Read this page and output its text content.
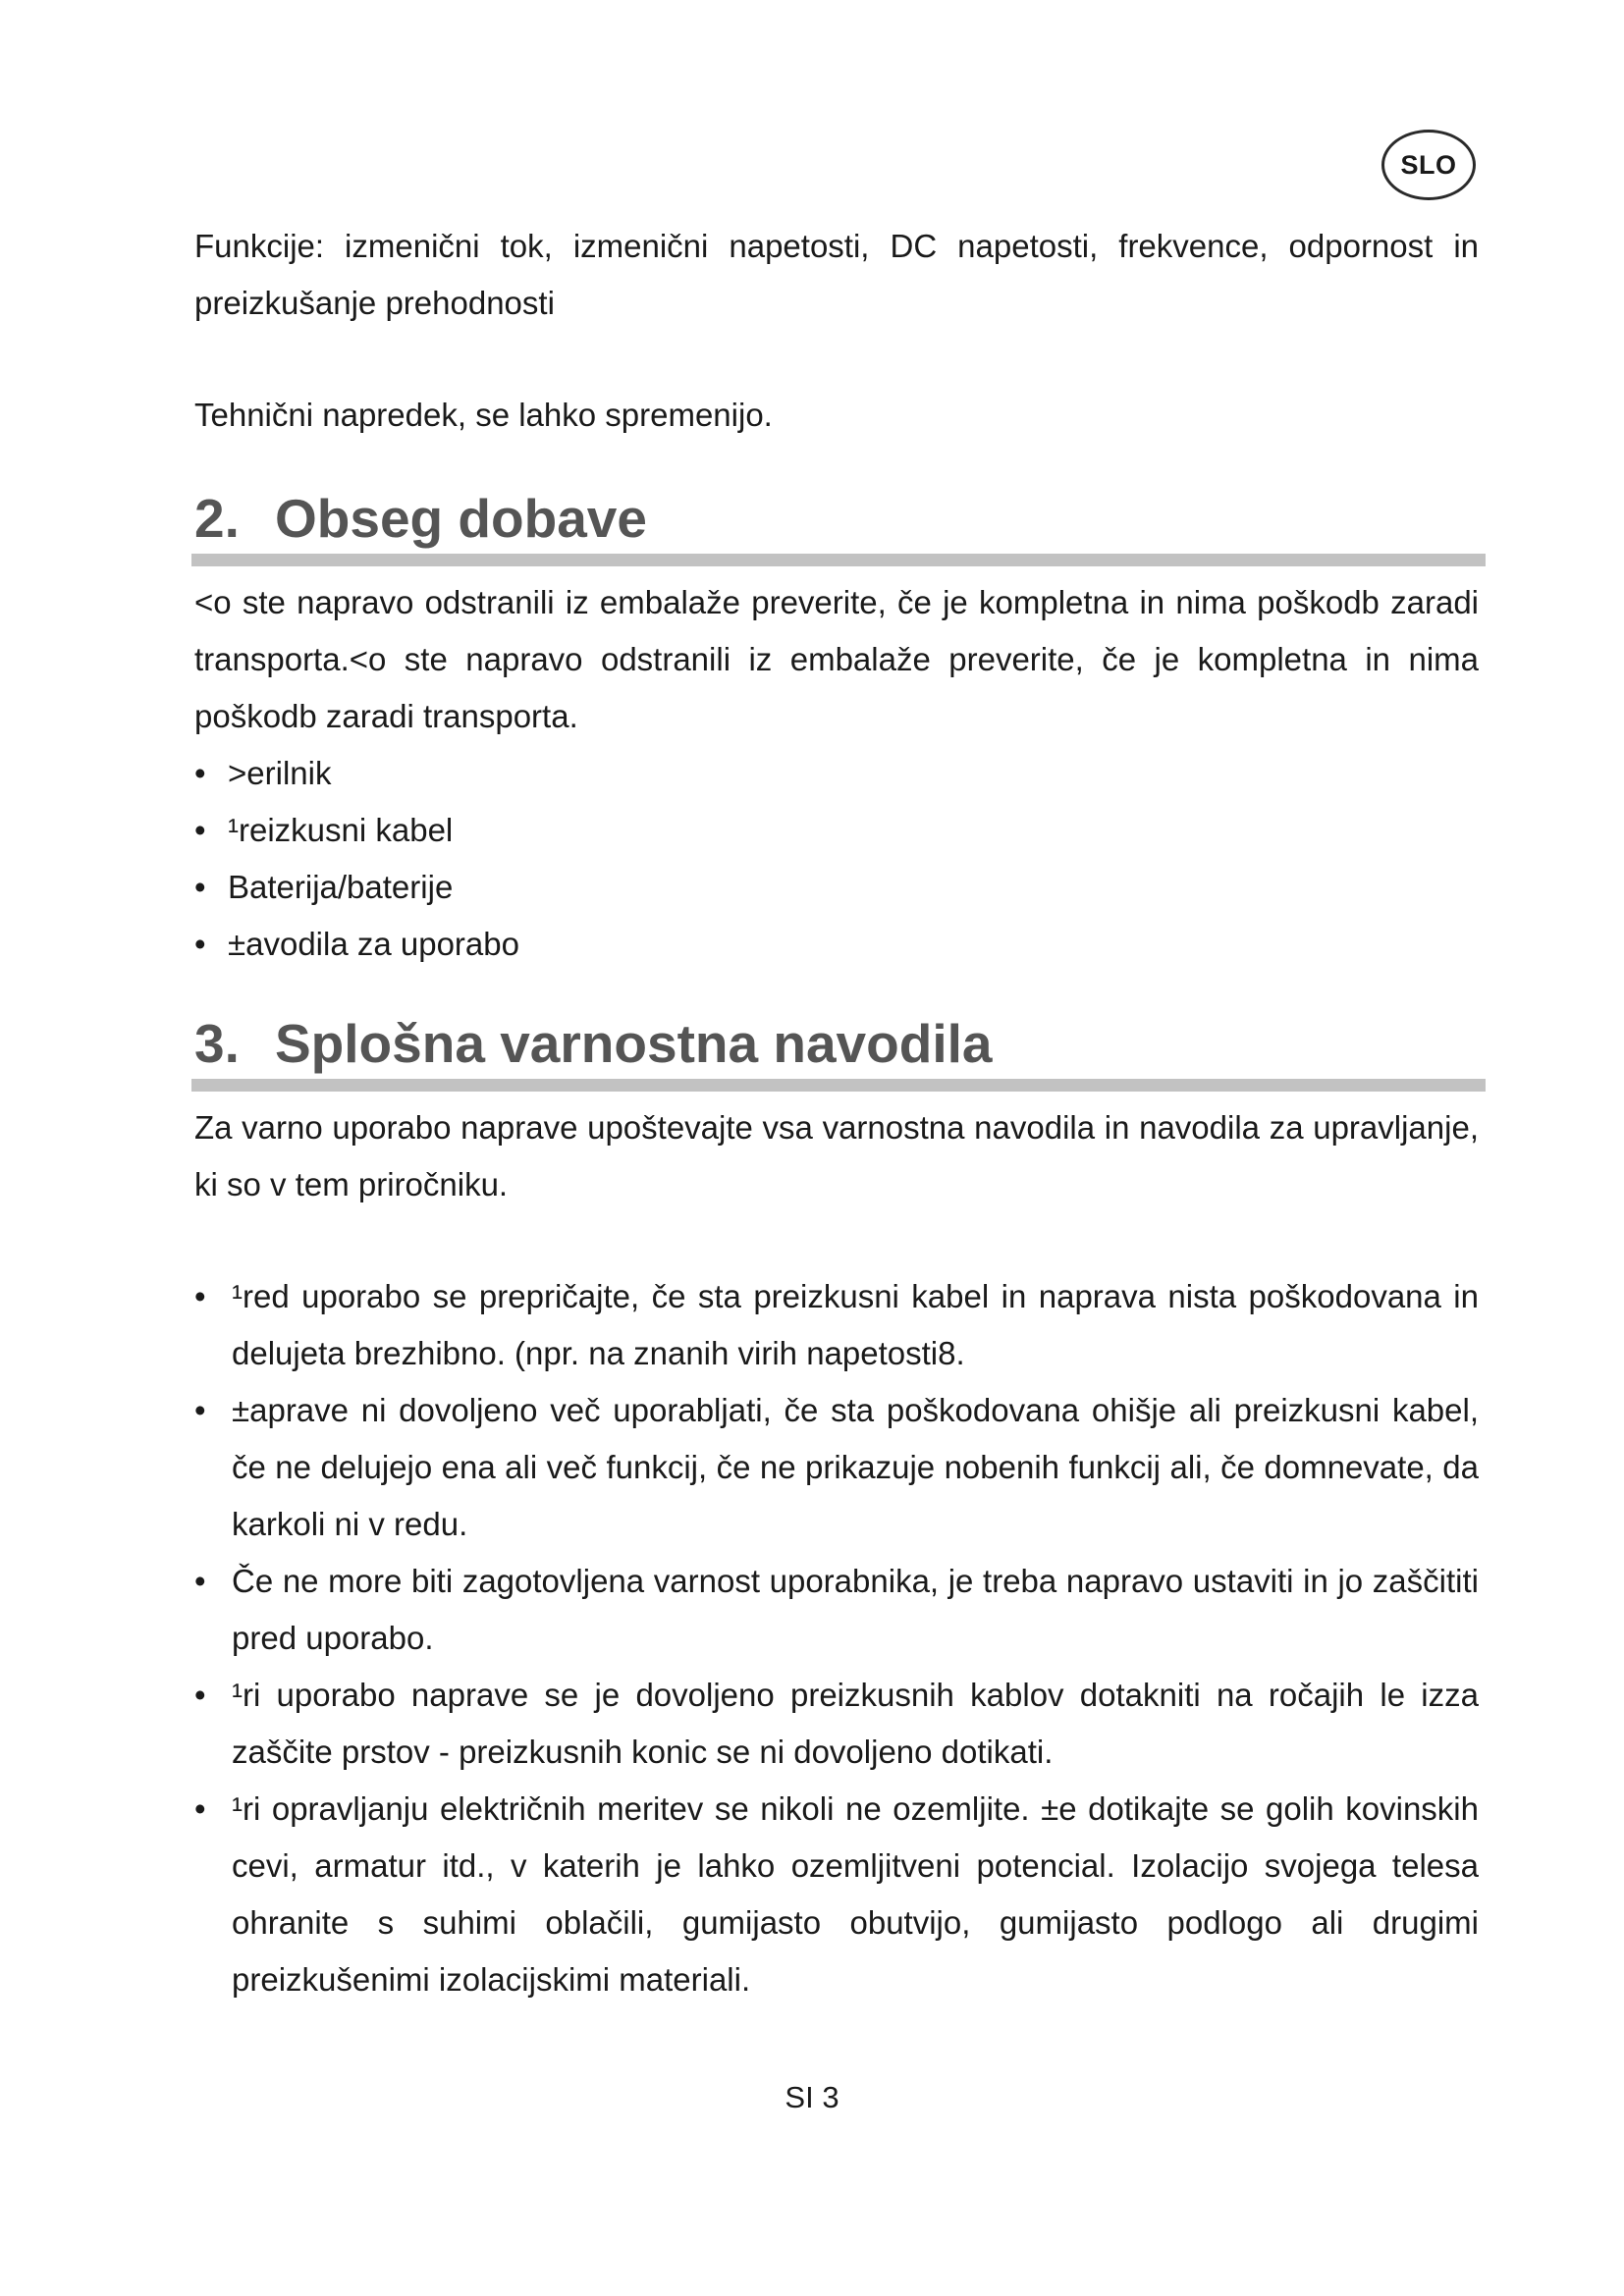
SLO

Funkcije: izmenični tok, izmenični napetosti, DC napetosti, frekvence, odpornost in preizkušanje prehodnosti

Tehnični napredek, se lahko spremenijo.

2. Obseg dobave

<o ste napravo odstranili iz embalaže preverite, če je kompletna in nima poškodb zaradi transporta.<o ste napravo odstranili iz embalaže preverite, če je kompletna in nima poškodb zaradi transporta.

• >erilnik
• ¹reizkusni kabel
• Baterija/baterije
• ±avodila za uporabo
3. Splošna varnostna navodila

Za varno uporabo naprave upoštevajte vsa varnostna navodila in navodila za upravljanje, ki so v tem priročniku.

• ¹red uporabo se prepričajte, če sta preizkusni kabel in naprava nista poškodovana in delujeta brezhibno. (npr. na znanih virih napetosti8.
• ±aprave ni dovoljeno več uporabljati, če sta poškodovana ohišje ali preizkusni kabel, če ne delujejo ena ali več funkcij, če ne prikazuje nobenih funkcij ali, če domnevate, da karkoli ni v redu.
• Če ne more biti zagotovljena varnost uporabnika, je treba napravo ustaviti in jo zaščititi pred uporabo.
• ¹ri uporabo naprave se je dovoljeno preizkusnih kablov dotakniti na ročajih le izza zaščite prstov - preizkusnih konic se ni dovoljeno dotikati.
• ¹ri opravljanju električnih meritev se nikoli ne ozemljite. ±e dotikajte se golih kovinskih cevi, armatur itd., v katerih je lahko ozemljitveni potencial. Izolacijo svojega telesa ohranite s suhimi oblačili, gumijasto obutvijo, gumijasto podlogo ali drugimi preizkušenimi izolacijskimi materiali.
SI 3
